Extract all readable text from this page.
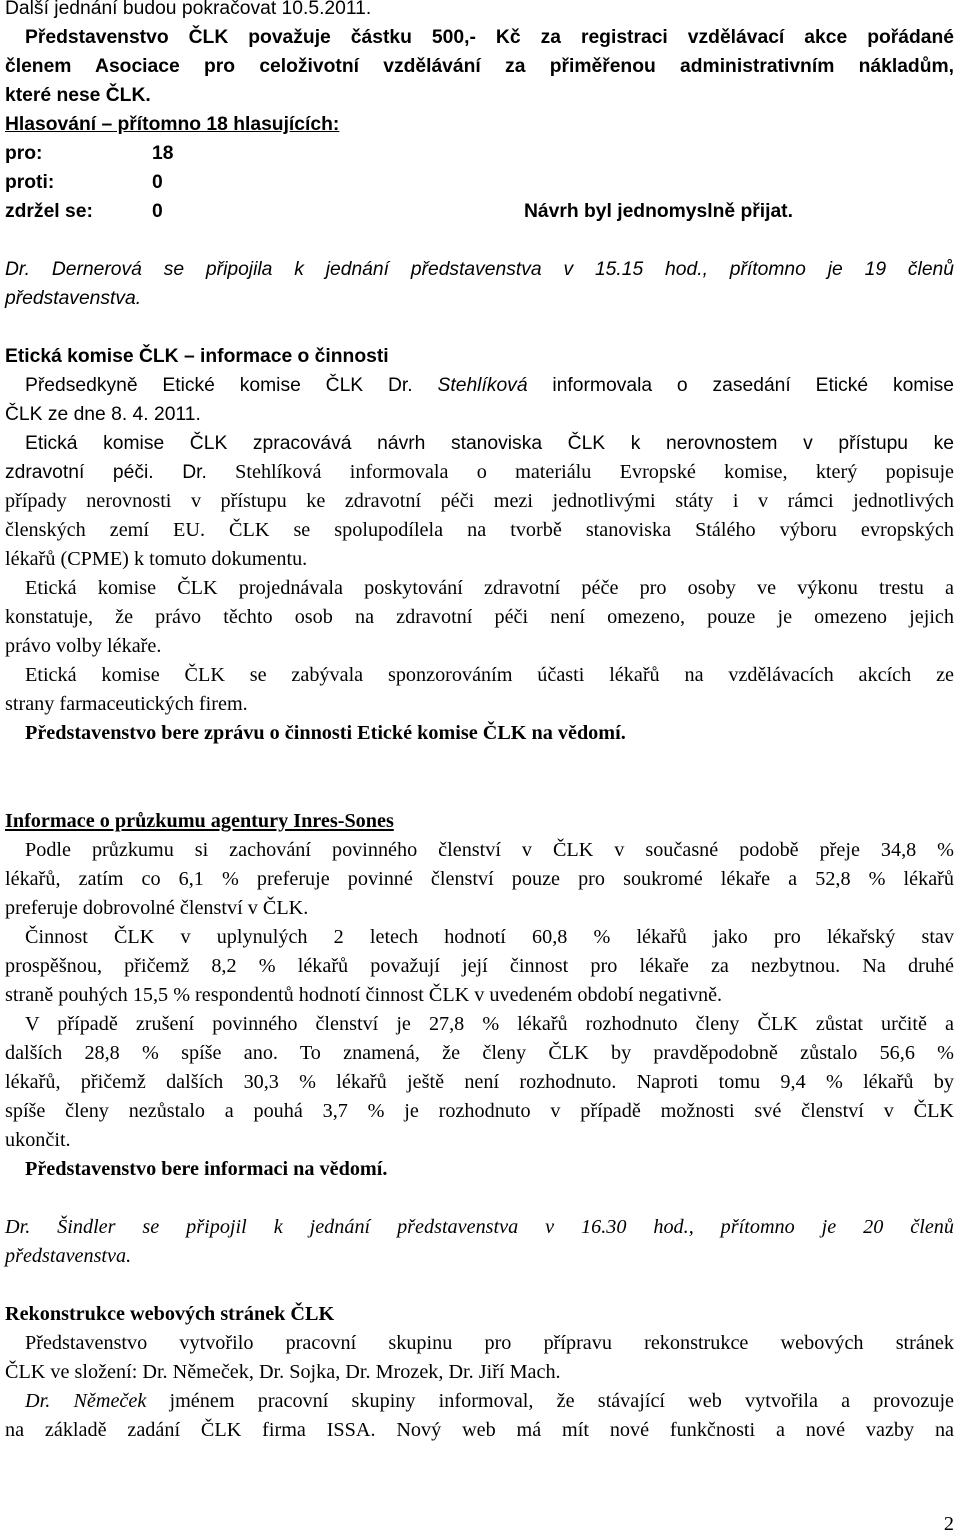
Další jednání budou pokračovat 10.5.2011.
Představenstvo ČLK považuje částku 500,- Kč za registraci vzdělávací akce pořádané
členem Asociace pro celoživotní vzdělávání za přiměřenou administrativním nákladům,
které nese ČLK.
Hlasování – přítomno 18 hlasujících:
pro:	18
proti:	0
zdržel se:	0	Návrh byl jednomyslně přijat.
Dr. Dernerová se připojila k jednání představenstva v 15.15 hod., přítomno je 19 členů
představenstva.
Etická komise ČLK – informace o činnosti
Předsedkyně Etické komise ČLK Dr. Stehlíková informovala o zasedání Etické komise
ČLK ze dne 8. 4. 2011.
Etická komise ČLK zpracovává návrh stanoviska ČLK k nerovnostem v přístupu ke
zdravotní péči. Dr. Stehlíková informovala o materiálu Evropské komise, který popisuje
případy nerovnosti v přístupu ke zdravotní péči mezi jednotlivými státy i v rámci jednotlivých
členských zemí EU. ČLK se spolupodílela na tvorbě stanoviska Stálého výboru evropských
lékařů (CPME) k tomuto dokumentu.
Etická komise ČLK projednávala poskytování zdravotní péče pro osoby ve výkonu trestu a
konstatuje, že právo těchto osob na zdravotní péči není omezeno, pouze je omezeno jejich
právo volby lékaře.
Etická komise ČLK se zabývala sponzorováním účasti lékařů na vzdělávacích akcích ze
strany farmaceutických firem.
Představenstvo bere zprávu o činnosti Etické komise ČLK na vědomí.
Informace o průzkumu agentury Inres-Sones
Podle průzkumu si zachování povinného členství v ČLK v současné podobě přeje 34,8 %
lékařů, zatím co 6,1 % preferuje povinné členství pouze pro soukromé lékaře a 52,8 % lékařů
preferuje dobrovolné členství v ČLK.
Činnost ČLK v uplynulých 2 letech hodnotí 60,8 % lékařů jako pro lékařský stav
prospěšnou, přičemž 8,2 % lékařů považují její činnost pro lékaře za nezbytnou. Na druhé
straně pouhých 15,5 % respondentů hodnotí činnost ČLK v uvedeném období negativně.
V případě zrušení povinného členství je 27,8 % lékařů rozhodnuto členy ČLK zůstat určitě a
dalších 28,8 % spíše ano. To znamená, že členy ČLK by pravděpodobně zůstalo 56,6 %
lékařů, přičemž dalších 30,3 % lékařů ještě není rozhodnuto. Naproti tomu 9,4 % lékařů by
spíše členy nezůstalo a pouhá 3,7 % je rozhodnuto v případě možnosti své členství v ČLK
ukončit.
Představenstvo bere informaci na vědomí.
Dr. Šindler se připojil k jednání představenstva v 16.30 hod., přítomno je 20 členů
představenstva.
Rekonstrukce webových stránek ČLK
Představenstvo vytvořilo pracovní skupinu pro přípravu rekonstrukce webových stránek
ČLK ve složení: Dr. Němeček, Dr. Sojka, Dr. Mrozek, Dr. Jiří Mach.
Dr. Němeček jménem pracovní skupiny informoval, že stávající web vytvořila a provozuje
na základě zadání ČLK firma ISSA. Nový web má mít nové funkčnosti a nové vazby na
2
